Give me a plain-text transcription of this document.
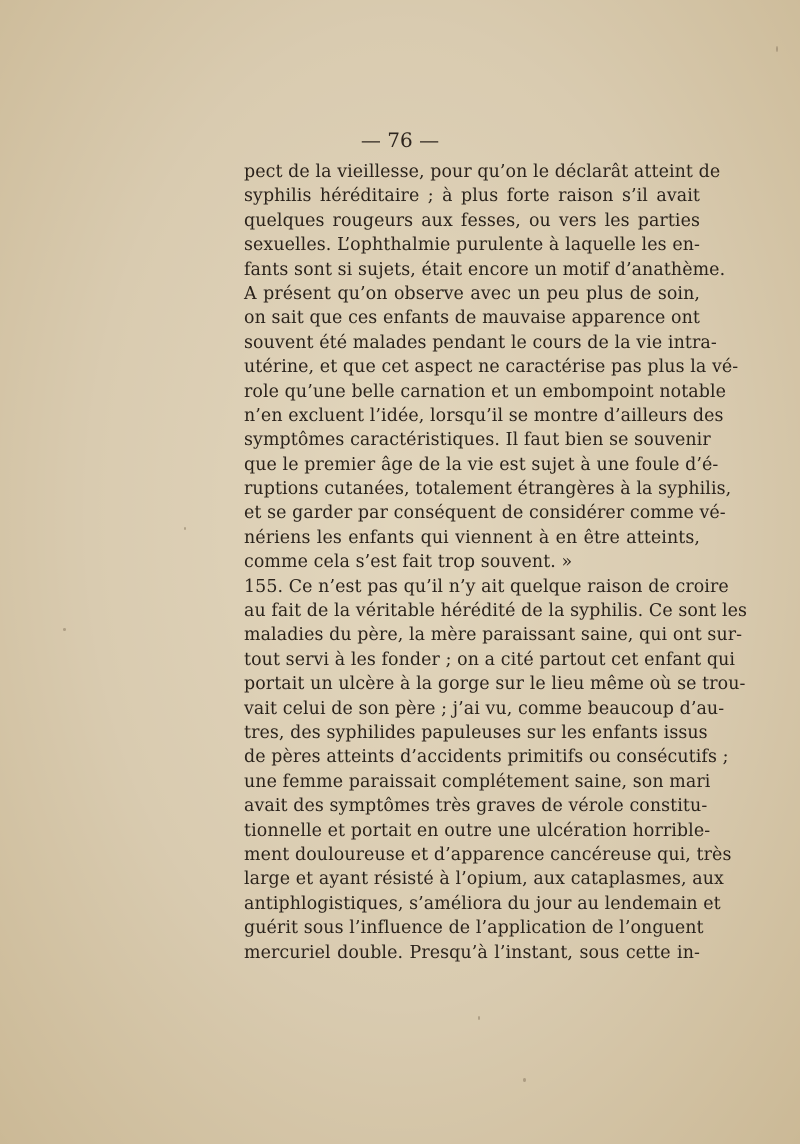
— 76 —
pect de la vieillesse, pour qu’on le déclarât atteint de
syphilis héréditaire ; à plus forte raison s’il avait
quelques rougeurs aux fesses, ou vers les parties
sexuelles. L’ophthalmie purulente à laquelle les en-
fants sont si sujets, était encore un motif d’anathème.
A présent qu’on observe avec un peu plus de soin,
on sait que ces enfants de mauvaise apparence ont
souvent été malades pendant le cours de la vie intra-
utérine, et que cet aspect ne caractérise pas plus la vé-
role qu’une belle carnation et un embompoint notable
n’en excluent l’idée, lorsqu’il se montre d’ailleurs des
symptômes caractéristiques. Il faut bien se souvenir
que le premier âge de la vie est sujet à une foule d’é-
ruptions cutanées, totalement étrangères à la syphilis,
et se garder par conséquent de considérer comme vé-
nériens les enfants qui viennent à en être atteints,
comme cela s’est fait trop souvent. »
155. Ce n’est pas qu’il n’y ait quelque raison de croire
au fait de la véritable hérédité de la syphilis. Ce sont les
maladies du père, la mère paraissant saine, qui ont sur-
tout servi à les fonder ; on a cité partout cet enfant qui
portait un ulcère à la gorge sur le lieu même où se trou-
vait celui de son père ; j’ai vu, comme beaucoup d’au-
tres, des syphilides papuleuses sur les enfants issus
de pères atteints d’accidents primitifs ou consécutifs ;
une femme paraissait complétement saine, son mari
avait des symptômes très graves de vérole constitu-
tionnelle et portait en outre une ulcération horrible-
ment douloureuse et d’apparence cancéreuse qui, très
large et ayant résisté à l’opium, aux cataplasmes, aux
antiphlogistiques, s’améliora du jour au lendemain et
guérit sous l’influence de l’application de l’onguent
mercuriel double. Presqu’à l’instant, sous cette in-
